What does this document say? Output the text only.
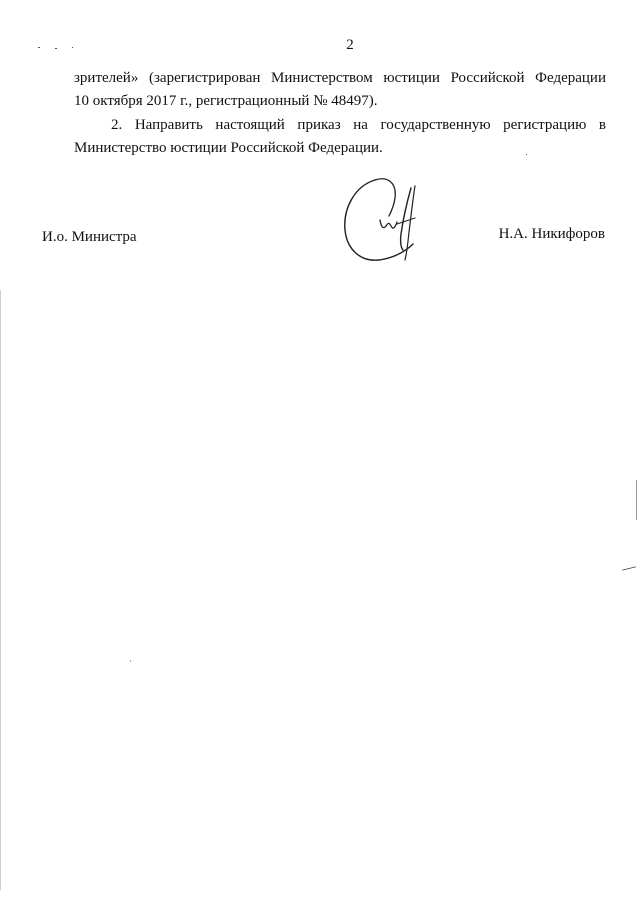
2
зрителей» (зарегистрирован Министерством юстиции Российской Федерации
10 октября 2017 г., регистрационный № 48497).
2. Направить настоящий приказ на государственную регистрацию в
Министерство юстиции Российской Федерации.
И.о. Министра	Н.А. Никифоров
